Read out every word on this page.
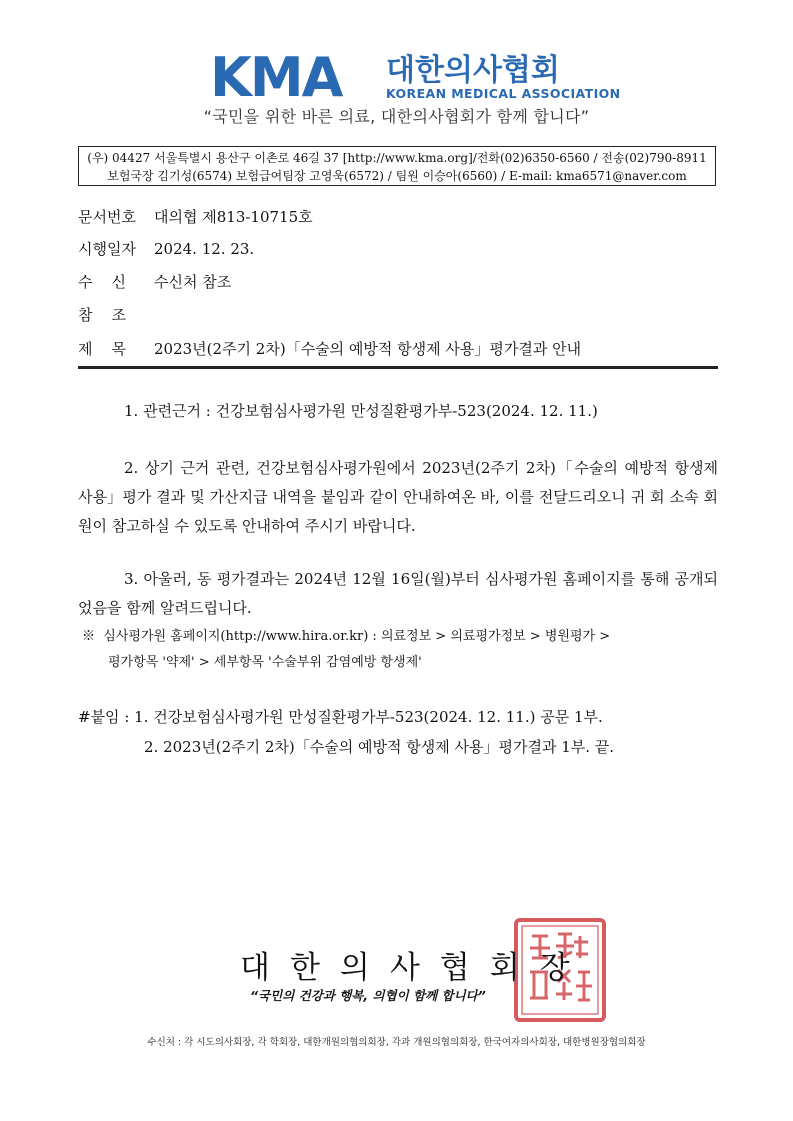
KMA 대한의사협회
KOREAN MEDICAL ASSOCIATION
“국민을 위한 바른 의료, 대한의사협회가 함께 합니다”
(우) 04427 서울특별시 용산구 이촌로 46길 37 [http://www.kma.org]/전화(02)6350-6560 / 전송(02)790-8911
보험국장 김기성(6574) 보험급여팀장 고영욱(6572) / 팀원 이승아(6560) / E-mail: kma6571@naver.com
문서번호 대의협 제813-10715호
시행일자 2024. 12. 23.
수    신 수신처 참조
참    조
제    목 2023년(2주기 2차)「수술의 예방적 항생제 사용」평가결과 안내
1. 관련근거 : 건강보험심사평가원 만성질환평가부-523(2024. 12. 11.)
2. 상기 근거 관련, 건강보험심사평가원에서 2023년(2주기 2차)「수술의 예방적 항생제 사용」평가 결과 및 가산지급 내역을 붙임과 같이 안내하여온 바, 이를 전달드리오니 귀 회 소속 회원이 참고하실 수 있도록 안내하여 주시기 바랍니다.
3. 아울러, 동 평가결과는 2024년 12월 16일(월)부터 심사평가원 홈페이지를 통해 공개되었음을 함께 알려드립니다.
※ 심사평가원 홈페이지(http://www.hira.or.kr) : 의료정보 > 의료평가정보 > 병원평가 >
평가항목 '약제' > 세부항목 '수술부위 감염예방 항생제'
#붙임 : 1. 건강보험심사평가원 만성질환평가부-523(2024. 12. 11.) 공문 1부.
2. 2023년(2주기 2차)「수술의 예방적 항생제 사용」평가결과 1부. 끝.
대한의사협회장
“국민의 건강과 행복, 의협이 함께 합니다”
수신처 : 각 시도의사회장, 각 학회장, 대한개원의협의회장, 각과 개원의협의회장, 한국여자의사회장, 대한병원장협의회장
